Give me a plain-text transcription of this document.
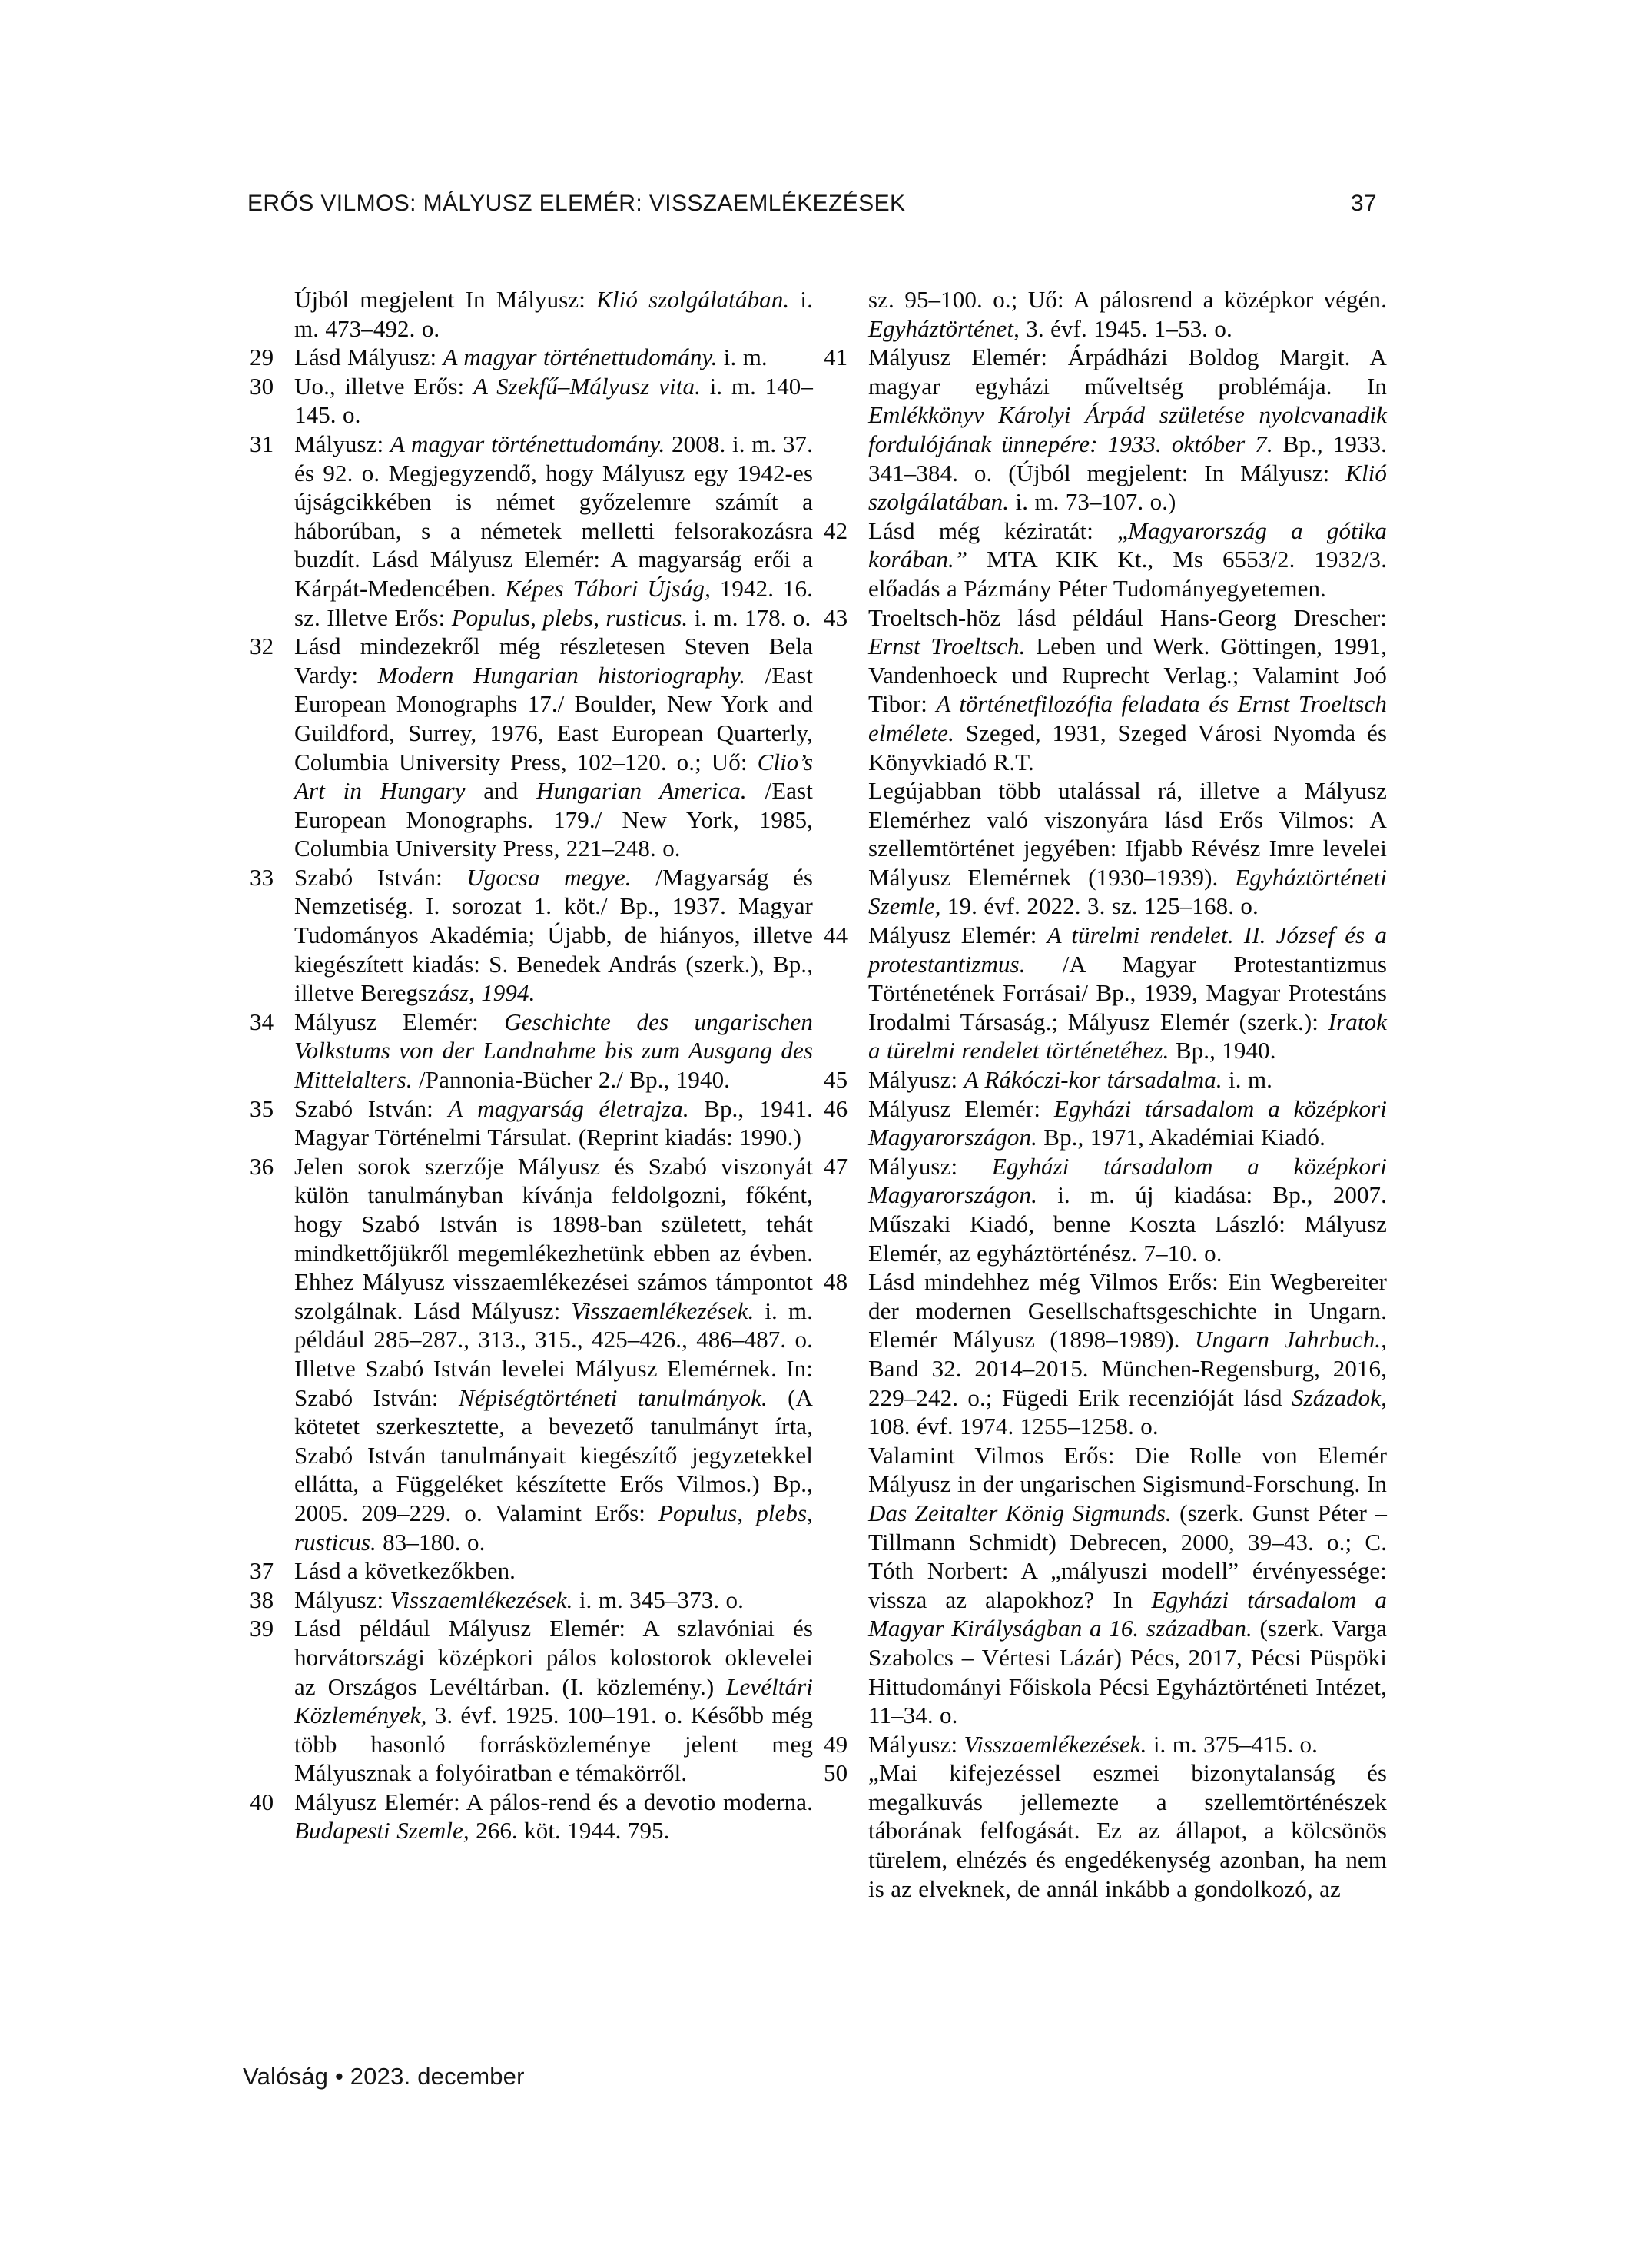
ERŐS VILMOS: MÁLYUSZ ELEMÉR: VISSZAEMLÉKEZÉSEK	37
Újból megjelent In Mályusz: Klió szolgálatában. i. m. 473–492. o.
29 Lásd Mályusz: A magyar történettudomány. i. m.
30 Uo., illetve Erős: A Szekfű–Mályusz vita. i. m. 140–145. o.
31 Mályusz: A magyar történettudomány. 2008. i. m. 37. és 92. o. Megjegyzendő, hogy Mályusz egy 1942-es újságcikkében is német győzelemre számít a háborúban, s a németek melletti felsorakozásra buzdít. Lásd Mályusz Elemér: A magyarság erői a Kárpát-Medencében. Képes Tábori Újság, 1942. 16. sz. Illetve Erős: Populus, plebs, rusticus. i. m. 178. o.
32 Lásd mindezekről még részletesen Steven Bela Vardy: Modern Hungarian historiography. /East European Monographs 17./ Boulder, New York and Guildford, Surrey, 1976, East European Quarterly, Columbia University Press, 102–120. o.; Uő: Clio’s Art in Hungary and Hungarian America. /East European Monographs. 179./ New York, 1985, Columbia University Press, 221–248. o.
33 Szabó István: Ugocsa megye. /Magyarság és Nemzetiség. I. sorozat 1. köt./ Bp., 1937. Magyar Tudományos Akadémia; Újabb, de hiányos, illetve kiegészített kiadás: S. Benedek András (szerk.), Bp., illetve Beregszász, 1994.
34 Mályusz Elemér: Geschichte des ungarischen Volkstums von der Landnahme bis zum Ausgang des Mittelalters. /Pannonia-Bücher 2./ Bp., 1940.
35 Szabó István: A magyarság életrajza. Bp., 1941. Magyar Történelmi Társulat. (Reprint kiadás: 1990.)
36 Jelen sorok szerzője Mályusz és Szabó viszonyát külön tanulmányban kívánja feldolgozni, főként, hogy Szabó István is 1898-ban született, tehát mindkettőjükről megemlékezhetünk ebben az évben. Ehhez Mályusz visszaemlékezései számos támpontot szolgálnak. Lásd Mályusz: Visszaemlékezések. i. m. például 285–287., 313., 315., 425–426., 486–487. o. Illetve Szabó István levelei Mályusz Elemérnek. In: Szabó István: Népiségtörténeti tanulmányok. (A kötetet szerkesztette, a bevezető tanulmányt írta, Szabó István tanulmányait kiegészítő jegyzetekkel ellátta, a Függeléket készítette Erős Vilmos.) Bp., 2005. 209–229. o. Valamint Erős: Populus, plebs, rusticus. 83–180. o.
37 Lásd a következőkben.
38 Mályusz: Visszaemlékezések. i. m. 345–373. o.
39 Lásd például Mályusz Elemér: A szlavóniai és horvátországi középkori pálos kolostorok oklevelei az Országos Levéltárban. (I. közlemény.) Levéltári Közlemények, 3. évf. 1925. 100–191. o. Később még több hasonló forrásközleménye jelent meg Mályusznak a folyóiratban e témakörről.
40 Mályusz Elemér: A pálos-rend és a devotio moderna. Budapesti Szemle, 266. köt. 1944. 795.
sz. 95–100. o.; Uő: A pálosrend a középkor végén. Egyháztörténet, 3. évf. 1945. 1–53. o.
41 Mályusz Elemér: Árpádházi Boldog Margit. A magyar egyházi műveltség problémája. In Emlékkönyv Károlyi Árpád születése nyolcvanadik fordulójának ünnepére: 1933. október 7. Bp., 1933. 341–384. o. (Újból megjelent: In Mályusz: Klió szolgálatában. i. m. 73–107. o.)
42 Lásd még kéziratát: „Magyarország a gótika korában.” MTA KIK Kt., Ms 6553/2. 1932/3. előadás a Pázmány Péter Tudományegyetemen.
43 Troeltsch-höz lásd például Hans-Georg Drescher: Ernst Troeltsch. Leben und Werk. Göttingen, 1991, Vandenhoeck und Ruprecht Verlag.; Valamint Joó Tibor: A történetfilozófia feladata és Ernst Troeltsch elmélete. Szeged, 1931, Szeged Városi Nyomda és Könyvkiadó R.T.
Legújabban több utalással rá, illetve a Mályusz Elemérhez való viszonyára lásd Erős Vilmos: A szellemtörténet jegyében: Ifjabb Révész Imre levelei Mályusz Elemérnek (1930–1939). Egyháztörténeti Szemle, 19. évf. 2022. 3. sz. 125–168. o.
44 Mályusz Elemér: A türelmi rendelet. II. József és a protestantizmus. /A Magyar Protestantizmus Történetének Forrásai/ Bp., 1939, Magyar Protestáns Irodalmi Társaság.; Mályusz Elemér (szerk.): Iratok a türelmi rendelet történetéhez. Bp., 1940.
45 Mályusz: A Rákóczi-kor társadalma. i. m.
46 Mályusz Elemér: Egyházi társadalom a középkori Magyarországon. Bp., 1971, Akadémiai Kiadó.
47 Mályusz: Egyházi társadalom a középkori Magyarországon. i. m. új kiadása: Bp., 2007. Műszaki Kiadó, benne Koszta László: Mályusz Elemér, az egyháztörténész. 7–10. o.
48 Lásd mindehhez még Vilmos Erős: Ein Wegbereiter der modernen Gesellschaftsgeschichte in Ungarn. Elemér Mályusz (1898–1989). Ungarn Jahrbuch., Band 32. 2014–2015. München-Regensburg, 2016, 229–242. o.; Fügedi Erik recenzióját lásd Századok, 108. évf. 1974. 1255–1258. o.
Valamint Vilmos Erős: Die Rolle von Elemér Mályusz in der ungarischen Sigismund-Forschung. In Das Zeitalter König Sigmunds. (szerk. Gunst Péter – Tillmann Schmidt) Debrecen, 2000, 39–43. o.; C. Tóth Norbert: A „mályuszi modell” érvényessége: vissza az alapokhoz? In Egyházi társadalom a Magyar Királyságban a 16. században. (szerk. Varga Szabolcs – Vértesi Lázár) Pécs, 2017, Pécsi Püspöki Hittudományi Főiskola Pécsi Egyháztörténeti Intézet, 11–34. o.
49 Mályusz: Visszaemlékezések. i. m. 375–415. o.
50 „Mai kifejezéssel eszmei bizonytalanság és megalkuvás jellemezte a szellemtörténészek táborának felfogását. Ez az állapot, a kölcsönös türelem, elnézés és engedékenység azonban, ha nem is az elveknek, de annál inkább a gondolkozó, az
Valóság • 2023. december
